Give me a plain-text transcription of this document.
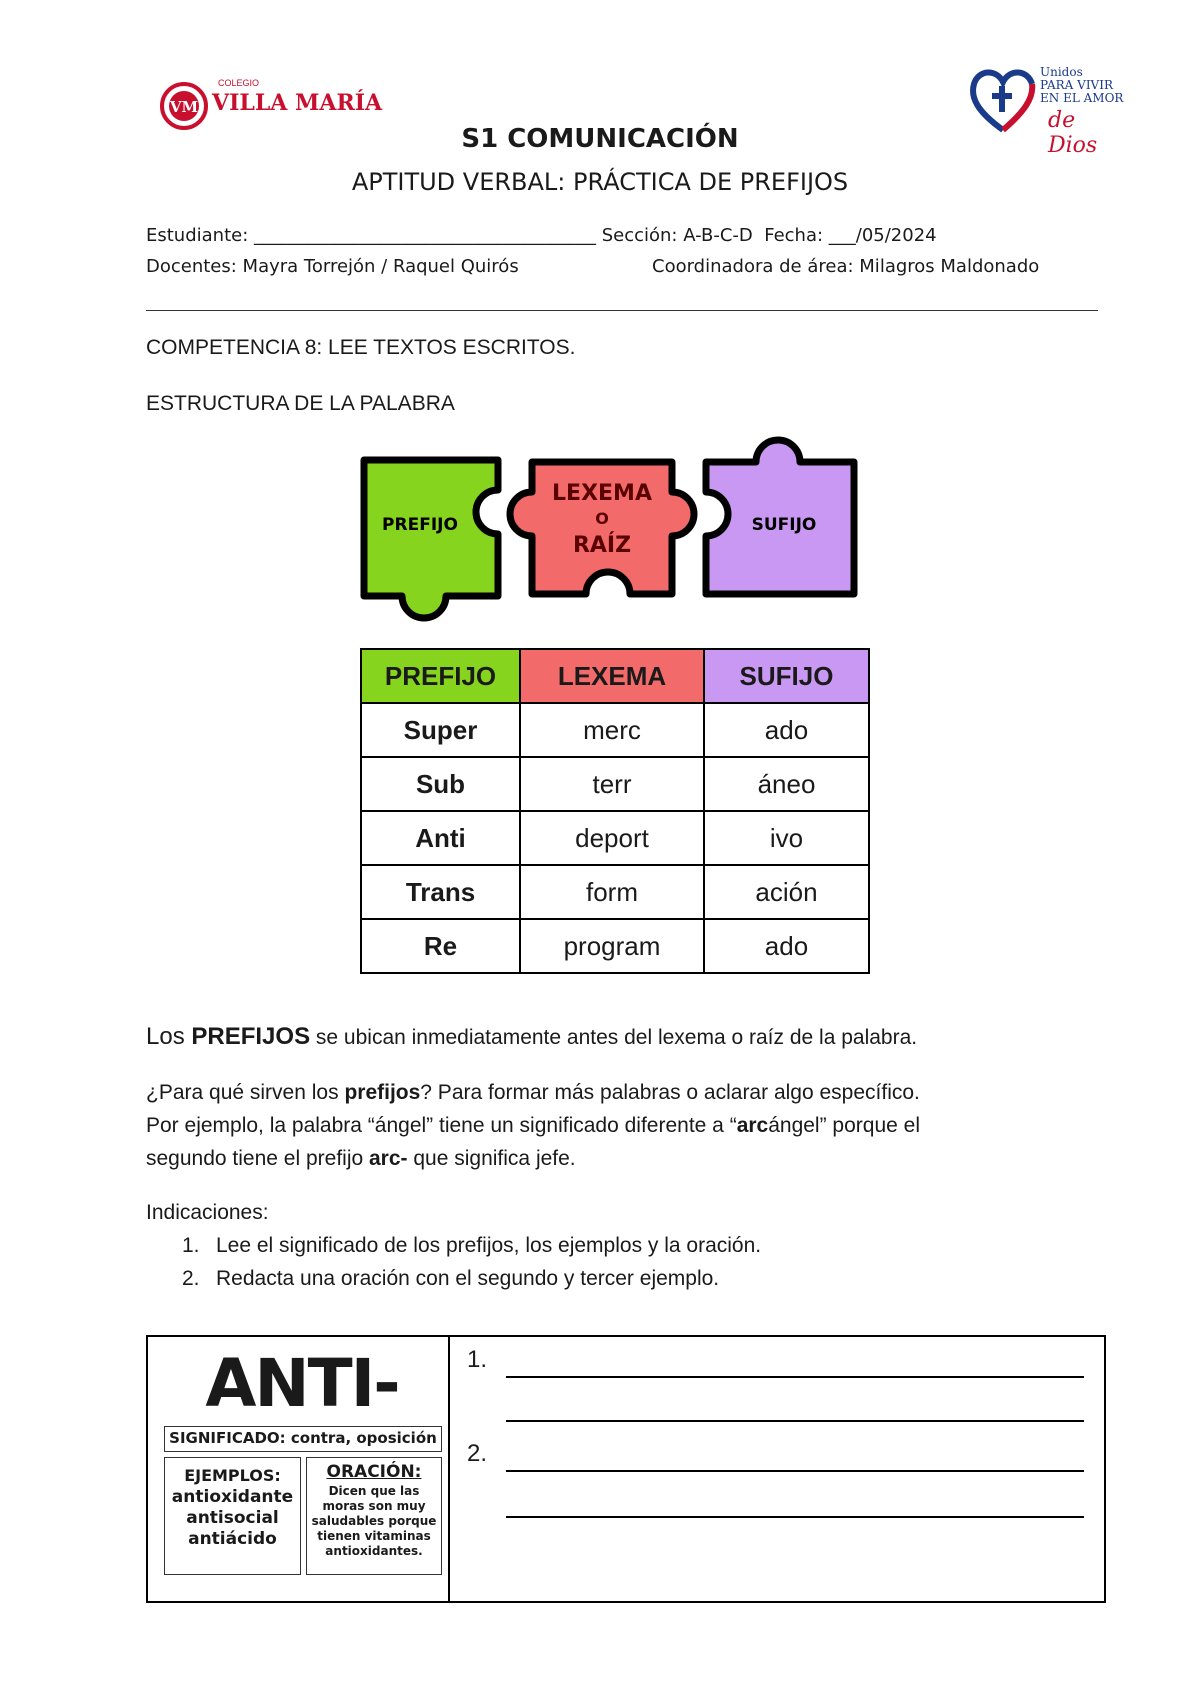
VM
COLEGIO
VILLA MARÍA
Unidos
PARA VIVIR
EN EL AMOR
de Dios
S1 COMUNICACIÓN
APTITUD VERBAL: PRÁCTICA DE PREFIJOS
Estudiante: ______________________________________ Sección: A-B-C-D  Fecha: ___/05/2024
Docentes: Mayra Torrejón / Raquel Quirós	Coordinadora de área: Milagros Maldonado
COMPETENCIA 8: LEE TEXTOS ESCRITOS.
ESTRUCTURA DE LA PALABRA
PREFIJO
LEXEMA
O
RAÍZ
SUFIJO
PREFIJO	LEXEMA	SUFIJO
Super	merc	ado
Sub	terr	áneo
Anti	deport	ivo
Trans	form	ación
Re	program	ado
Los PREFIJOS se ubican inmediatamente antes del lexema o raíz de la palabra.
¿Para qué sirven los prefijos? Para formar más palabras o aclarar algo específico.
Por ejemplo, la palabra “ángel” tiene un significado diferente a “arcángel” porque el
segundo tiene el prefijo arc- que significa jefe.
Indicaciones:
1. Lee el significado de los prefijos, los ejemplos y la oración.
2. Redacta una oración con el segundo y tercer ejemplo.
ANTI-
SIGNIFICADO: contra, oposición
EJEMPLOS:
antioxidante
antisocial
antiácido
ORACIÓN:
Dicen que las
moras son muy
saludables porque
tienen vitaminas
antioxidantes.
1.
2.
